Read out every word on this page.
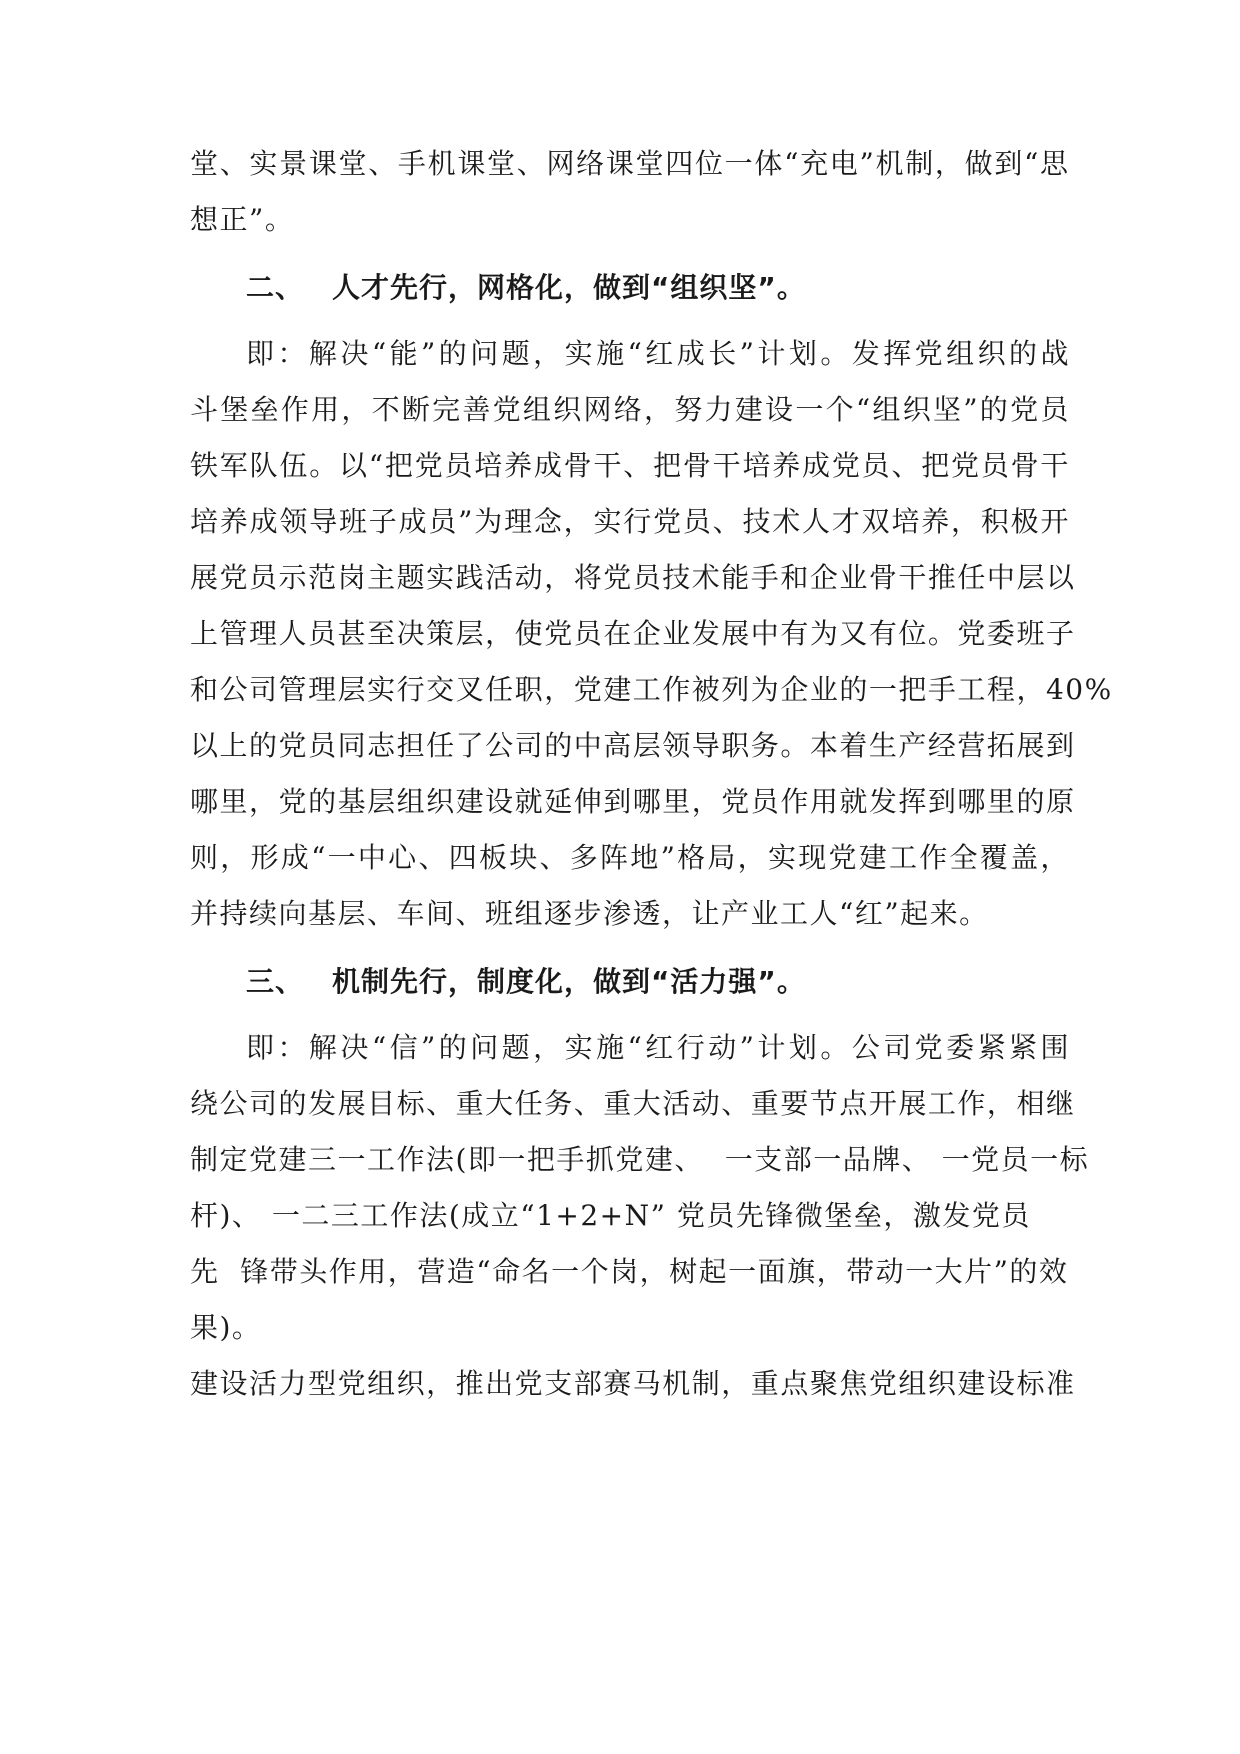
堂 、 实 景 课 堂 、 手 机 课 堂 、 网 络 课 堂 四 位 一 体 “ 充 电 ” 机 制 ， 做 到 “ 思
想正”。
二、 人才先行，网格化，做到“组织坚”。
即 ： 解 决 “ 能 ” 的 问 题 ， 实 施 “ 红 成 长 ” 计 划 。 发 挥 党 组 织 的 战
斗 堡 垒 作 用 ， 不 断 完 善 党 组 织 网 络 ， 努 力 建 设 一 个 “ 组 织 坚 ” 的 党 员
铁 军 队 伍 。 以 “ 把 党 员 培 养 成 骨 干 、 把 骨 干 培 养 成 党 员 、 把 党 员 骨 干
培 养 成 领 导 班 子 成 员 ” 为 理 念 ， 实 行 党 员 、 技 术 人 才 双 培 养 ， 积 极 开
展 党 员 示 范 岗 主 题 实 践 活 动 ， 将 党 员 技 术 能 手 和 企 业 骨 干 推 任 中 层 以
上 管 理 人 员 甚 至 决 策 层 ， 使 党 员 在 企 业 发 展 中 有 为 又 有 位 。 党 委 班 子
和 公 司 管 理 层 实 行 交 叉 任 职 ， 党 建 工 作 被 列 为 企 业 的 一 把 手 工 程 ， 4 0 %
以 上 的 党 员 同 志 担 任 了 公 司 的 中 高 层 领 导 职 务 。 本 着 生 产 经 营 拓 展 到
哪 里 ， 党 的 基 层 组 织 建 设 就 延 伸 到 哪 里 ， 党 员 作 用 就 发 挥 到 哪 里 的 原
则 ， 形 成 “ 一 中 心 、 四 板 块 、 多 阵 地 ” 格 局 ， 实 现 党 建 工 作 全 覆 盖 ，
并持续向基层、车间、班组逐步渗透，让产业工人“红”起来。
三、 机制先行，制度化，做到“活力强”。
即 ： 解 决 “ 信 ” 的 问 题 ， 实 施 “ 红 行 动 ” 计 划 。 公 司 党 委 紧 紧 围
绕 公 司 的 发 展 目 标 、 重 大 任 务 、 重 大 活 动 、 重 要 节 点 开 展 工 作 ， 相 继
制定党建三一工作法(即一把手抓党建、  一支部一品牌、 一党员一标
杆)、 一二三工作法(成立“1+2+N” 党员先锋微堡垒，激发党员
先  锋带头作用，营造“命名一个岗，树起一面旗，带动一大片”的效
果)。
建 设 活 力 型 党 组 织 ， 推 出 党 支 部 赛 马 机 制 ， 重 点 聚 焦 党 组 织 建 设 标 准
